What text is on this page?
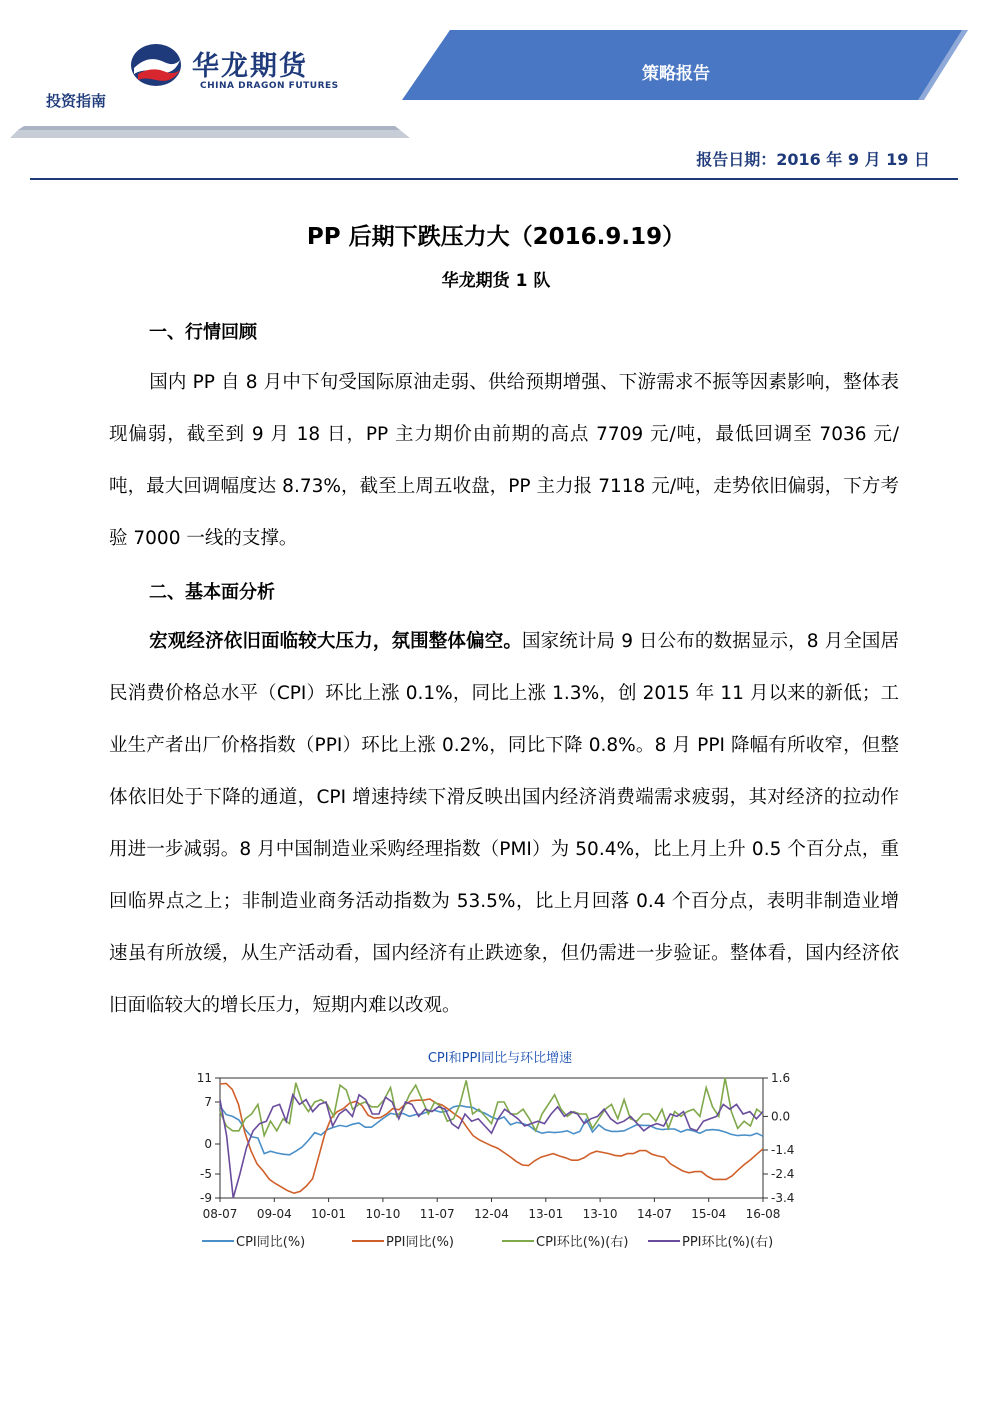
华龙期货
CHINA DRAGON FUTURES
投资指南
策略报告
报告日期：2016 年 9 月 19 日
PP 后期下跌压力大（2016.9.19）
华龙期货 1 队
一、行情回顾
国内 PP 自 8 月中下旬受国际原油走弱、供给预期增强、下游需求不振等因素影响，整体表现偏弱，截至到 9 月 18 日，PP 主力期价由前期的高点 7709 元/吨，最低回调至 7036 元/吨，最大回调幅度达 8.73%，截至上周五收盘，PP 主力报 7118 元/吨，走势依旧偏弱，下方考验 7000 一线的支撑。
二、基本面分析
宏观经济依旧面临较大压力，氛围整体偏空。国家统计局 9 日公布的数据显示，8 月全国居民消费价格总水平（CPI）环比上涨 0.1%，同比上涨 1.3%，创 2015 年 11 月以来的新低；工业生产者出厂价格指数（PPI）环比上涨 0.2%，同比下降 0.8%。8 月 PPI 降幅有所收窄，但整体依旧处于下降的通道，CPI 增速持续下滑反映出国内经济消费端需求疲弱，其对经济的拉动作用进一步减弱。8 月中国制造业采购经理指数（PMI）为 50.4%，比上月上升 0.5 个百分点，重回临界点之上；非制造业商务活动指数为 53.5%，比上月回落 0.4 个百分点，表明非制造业增速虽有所放缓，从生产活动看，国内经济有止跌迹象，但仍需进一步验证。整体看，国内经济依旧面临较大的增长压力，短期内难以改观。
CPI和PPI同比与环比增速
11
7
0
-5
-9
1.6
0.0
-1.4
-2.4
-3.4
08-07 09-04 10-01 10-10 11-07 12-04 13-01 13-10 14-07 15-04 16-08
CPI同比(%)	PPI同比(%)	CPI环比(%)(右)	PPI环比(%)(右)
